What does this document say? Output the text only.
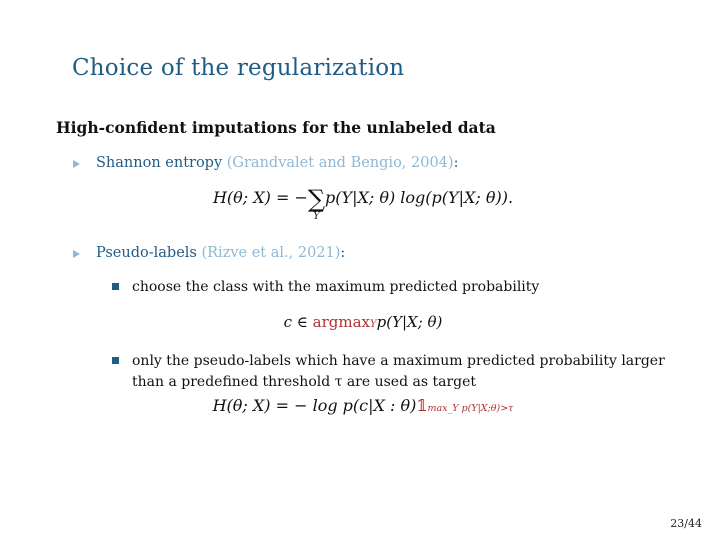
Choice of the regularization
High-confident imputations for the unlabeled data
Shannon entropy (Grandvalet and Bengio, 2004):
H(θ; X) = −∑
Y
p(Y|X; θ) log(p(Y|X; θ)).
Pseudo-labels (Rizve et al., 2021):
choose the class with the maximum predicted probability
c ∈ argmaxYp(Y|X; θ)
only the pseudo-labels which have a maximum predicted probability larger than a predefined threshold τ are used as target
H(θ; X) = − log p(c|X : θ)𝟙max_Y p(Y|X;θ)>τ
23/44
